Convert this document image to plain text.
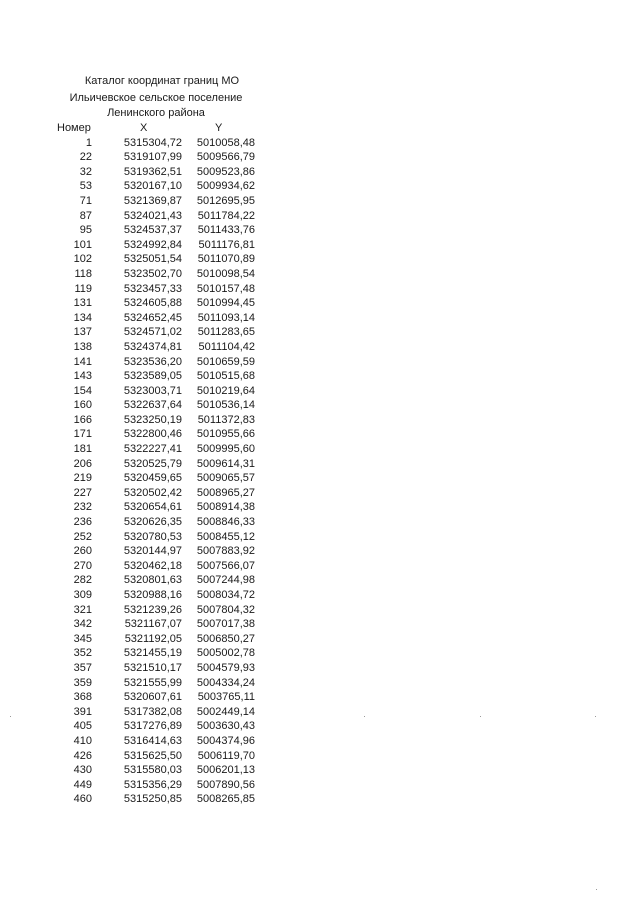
Каталог координат границ МО
Ильичевское сельское поселение
Ленинского района
Номер	X	Y
1	5315304,72	5010058,48
22	5319107,99	5009566,79
32	5319362,51	5009523,86
53	5320167,10	5009934,62
71	5321369,87	5012695,95
87	5324021,43	5011784,22
95	5324537,37	5011433,76
101	5324992,84	5011176,81
102	5325051,54	5011070,89
118	5323502,70	5010098,54
119	5323457,33	5010157,48
131	5324605,88	5010994,45
134	5324652,45	5011093,14
137	5324571,02	5011283,65
138	5324374,81	5011104,42
141	5323536,20	5010659,59
143	5323589,05	5010515,68
154	5323003,71	5010219,64
160	5322637,64	5010536,14
166	5323250,19	5011372,83
171	5322800,46	5010955,66
181	5322227,41	5009995,60
206	5320525,79	5009614,31
219	5320459,65	5009065,57
227	5320502,42	5008965,27
232	5320654,61	5008914,38
236	5320626,35	5008846,33
252	5320780,53	5008455,12
260	5320144,97	5007883,92
270	5320462,18	5007566,07
282	5320801,63	5007244,98
309	5320988,16	5008034,72
321	5321239,26	5007804,32
342	5321167,07	5007017,38
345	5321192,05	5006850,27
352	5321455,19	5005002,78
357	5321510,17	5004579,93
359	5321555,99	5004334,24
368	5320607,61	5003765,11
391	5317382,08	5002449,14
405	5317276,89	5003630,43
410	5316414,63	5004374,96
426	5315625,50	5006119,70
430	5315580,03	5006201,13
449	5315356,29	5007890,56
460	5315250,85	5008265,85
